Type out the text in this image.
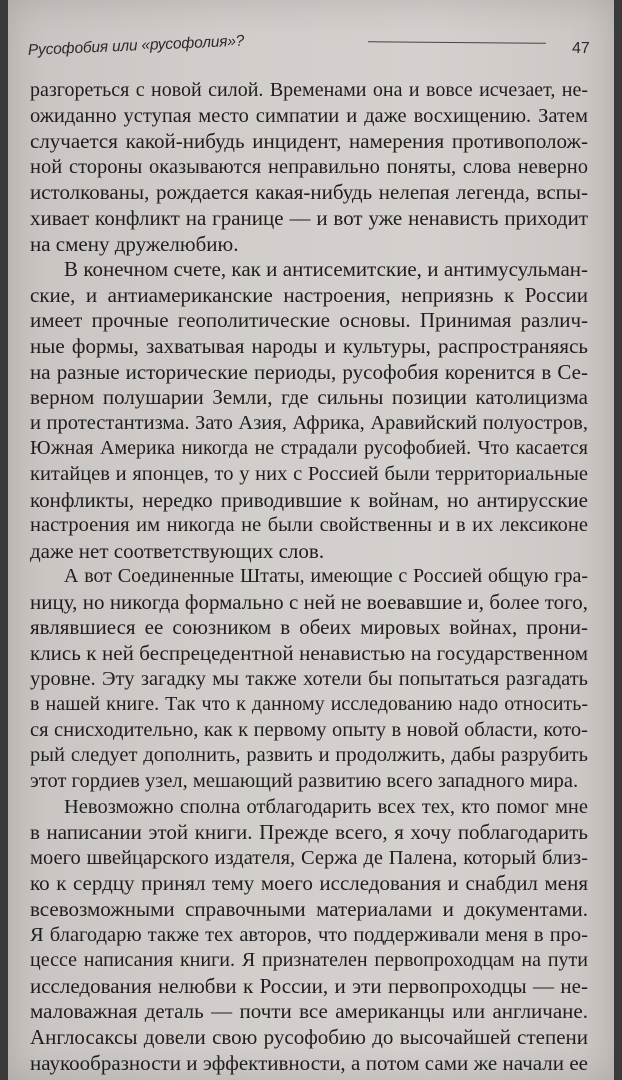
Русофобия или «русофолия»?	47
разгореться с новой силой. Временами она и вовсе исчезает, не-
ожиданно уступая место симпатии и даже восхищению. Затем
случается какой-нибудь инцидент, намерения противополож-
ной стороны оказываются неправильно поняты, слова неверно
истолкованы, рождается какая-нибудь нелепая легенда, вспы-
хивает конфликт на границе — и вот уже ненависть приходит
на смену дружелюбию.
В конечном счете, как и антисемитские, и антимусульман-
ские, и антиамериканские настроения, неприязнь к России
имеет прочные геополитические основы. Принимая различ-
ные формы, захватывая народы и культуры, распространяясь
на разные исторические периоды, русофобия коренится в Се-
верном полушарии Земли, где сильны позиции католицизма
и протестантизма. Зато Азия, Африка, Аравийский полуостров,
Южная Америка никогда не страдали русофобией. Что касается
китайцев и японцев, то у них с Россией были территориальные
конфликты, нередко приводившие к войнам, но антирусские
настроения им никогда не были свойственны и в их лексиконе
даже нет соответствующих слов.
А вот Соединенные Штаты, имеющие с Россией общую гра-
ницу, но никогда формально с ней не воевавшие и, более того,
являвшиеся ее союзником в обеих мировых войнах, прони-
клись к ней беспрецедентной ненавистью на государственном
уровне. Эту загадку мы также хотели бы попытаться разгадать
в нашей книге. Так что к данному исследованию надо относить-
ся снисходительно, как к первому опыту в новой области, кото-
рый следует дополнить, развить и продолжить, дабы разрубить
этот гордиев узел, мешающий развитию всего западного мира.
Невозможно сполна отблагодарить всех тех, кто помог мне
в написании этой книги. Прежде всего, я хочу поблагодарить
моего швейцарского издателя, Сержа де Палена, который близ-
ко к сердцу принял тему моего исследования и снабдил меня
всевозможными справочными материалами и документами.
Я благодарю также тех авторов, что поддерживали меня в про-
цессе написания книги. Я признателен первопроходцам на пути
исследования нелюбви к России, и эти первопроходцы — не-
маловажная деталь — почти все американцы или англичане.
Англосаксы довели свою русофобию до высочайшей степени
наукообразности и эффективности, а потом сами же начали ее
